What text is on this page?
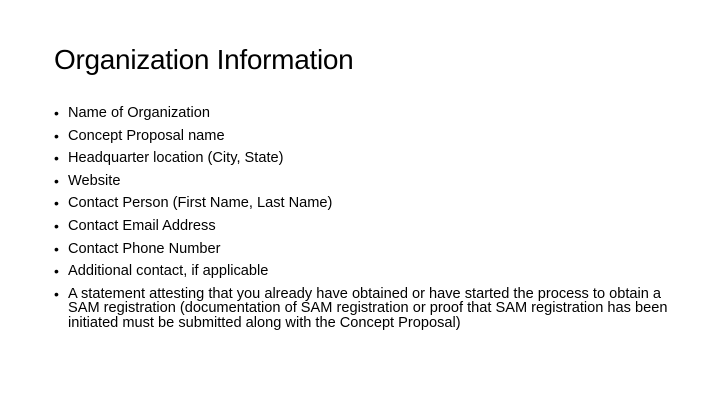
Organization Information
• Name of Organization
• Concept Proposal name
• Headquarter location (City, State)
• Website
• Contact Person (First Name, Last Name)
• Contact Email Address
• Contact Phone Number
• Additional contact, if applicable
• A statement attesting that you already have obtained or have started the process to obtain a SAM registration (documentation of SAM registration or proof that SAM registration has been initiated must be submitted along with the Concept Proposal)
